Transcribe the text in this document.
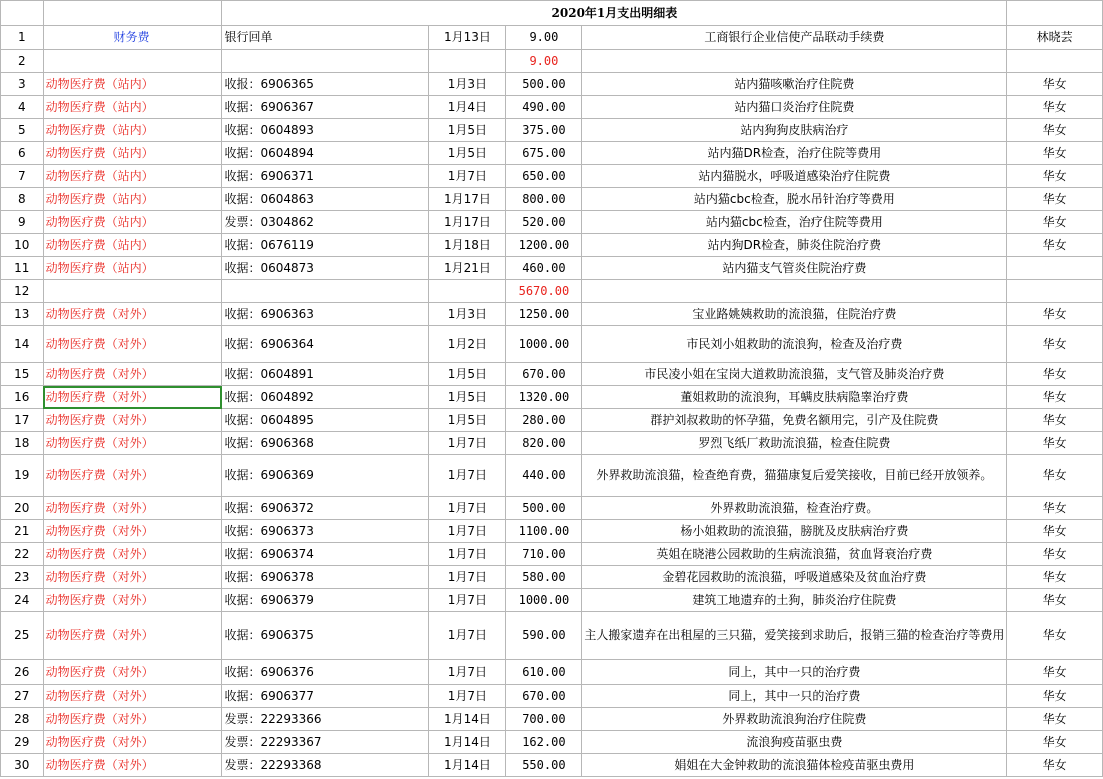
		2020年1月支出明细表				
1	财务费	银行回单	1月13日	9.00	工商银行企业信使产品联动手续费	林晓芸
2				9.00		
3	动物医疗费（站内）	收报：6906365	1月3日	500.00	站内猫咳嗽治疗住院费	华女
4	动物医疗费（站内）	收据：6906367	1月4日	490.00	站内猫口炎治疗住院费	华女
5	动物医疗费（站内）	收据：0604893	1月5日	375.00	站内狗狗皮肤病治疗	华女
6	动物医疗费（站内）	收据：0604894	1月5日	675.00	站内猫DR检查，治疗住院等费用	华女
7	动物医疗费（站内）	收据：6906371	1月7日	650.00	站内猫脱水，呼吸道感染治疗住院费	华女
8	动物医疗费（站内）	收据：0604863	1月17日	800.00	站内猫cbc检查，脱水吊针治疗等费用	华女
9	动物医疗费（站内）	发票：0304862	1月17日	520.00	站内猫cbc检查，治疗住院等费用	华女
10	动物医疗费（站内）	收据：0676119	1月18日	1200.00	站内狗DR检查，肺炎住院治疗费	华女
11	动物医疗费（站内）	收据：0604873	1月21日	460.00	站内猫支气管炎住院治疗费	
12				5670.00		
13	动物医疗费（对外）	收据：6906363	1月3日	1250.00	宝业路姚姨救助的流浪猫，住院治疗费	华女
14	动物医疗费（对外）	收据：6906364	1月2日	1000.00	市民刘小姐救助的流浪狗，检查及治疗费	华女
15	动物医疗费（对外）	收据：0604891	1月5日	670.00	市民凌小姐在宝岗大道救助流浪猫，支气管及肺炎治疗费	华女
16	动物医疗费（对外）	收据：0604892	1月5日	1320.00	董姐救助的流浪狗，耳螨皮肤病隐睾治疗费	华女
17	动物医疗费（对外）	收据：0604895	1月5日	280.00	群护刘叔救助的怀孕猫，免费名额用完，引产及住院费	华女
18	动物医疗费（对外）	收据：6906368	1月7日	820.00	罗烈飞纸厂救助流浪猫，检查住院费	华女
19	动物医疗费（对外）	收据：6906369	1月7日	440.00	外界救助流浪猫，检查绝育费，猫猫康复后爱笑接收，目前已经开放领养。	华女
20	动物医疗费（对外）	收据：6906372	1月7日	500.00	外界救助流浪猫，检查治疗费。	华女
21	动物医疗费（对外）	收据：6906373	1月7日	1100.00	杨小姐救助的流浪猫，膀胱及皮肤病治疗费	华女
22	动物医疗费（对外）	收据：6906374	1月7日	710.00	英姐在晓港公园救助的生病流浪猫，贫血肾衰治疗费	华女
23	动物医疗费（对外）	收据：6906378	1月7日	580.00	金碧花园救助的流浪猫，呼吸道感染及贫血治疗费	华女
24	动物医疗费（对外）	收据：6906379	1月7日	1000.00	建筑工地遗弃的土狗，肺炎治疗住院费	华女
25	动物医疗费（对外）	收据：6906375	1月7日	590.00	主人搬家遗弃在出租屋的三只猫，爱笑接到求助后，报销三猫的检查治疗等费用	华女
26	动物医疗费（对外）	收据：6906376	1月7日	610.00	同上，其中一只的治疗费	华女
27	动物医疗费（对外）	收据：6906377	1月7日	670.00	同上，其中一只的治疗费	华女
28	动物医疗费（对外）	发票：22293366	1月14日	700.00	外界救助流浪狗治疗住院费	华女
29	动物医疗费（对外）	发票：22293367	1月14日	162.00	流浪狗疫苗驱虫费	华女
30	动物医疗费（对外）	发票：22293368	1月14日	550.00	娟姐在大金钟救助的流浪猫体检疫苗驱虫费用	华女
